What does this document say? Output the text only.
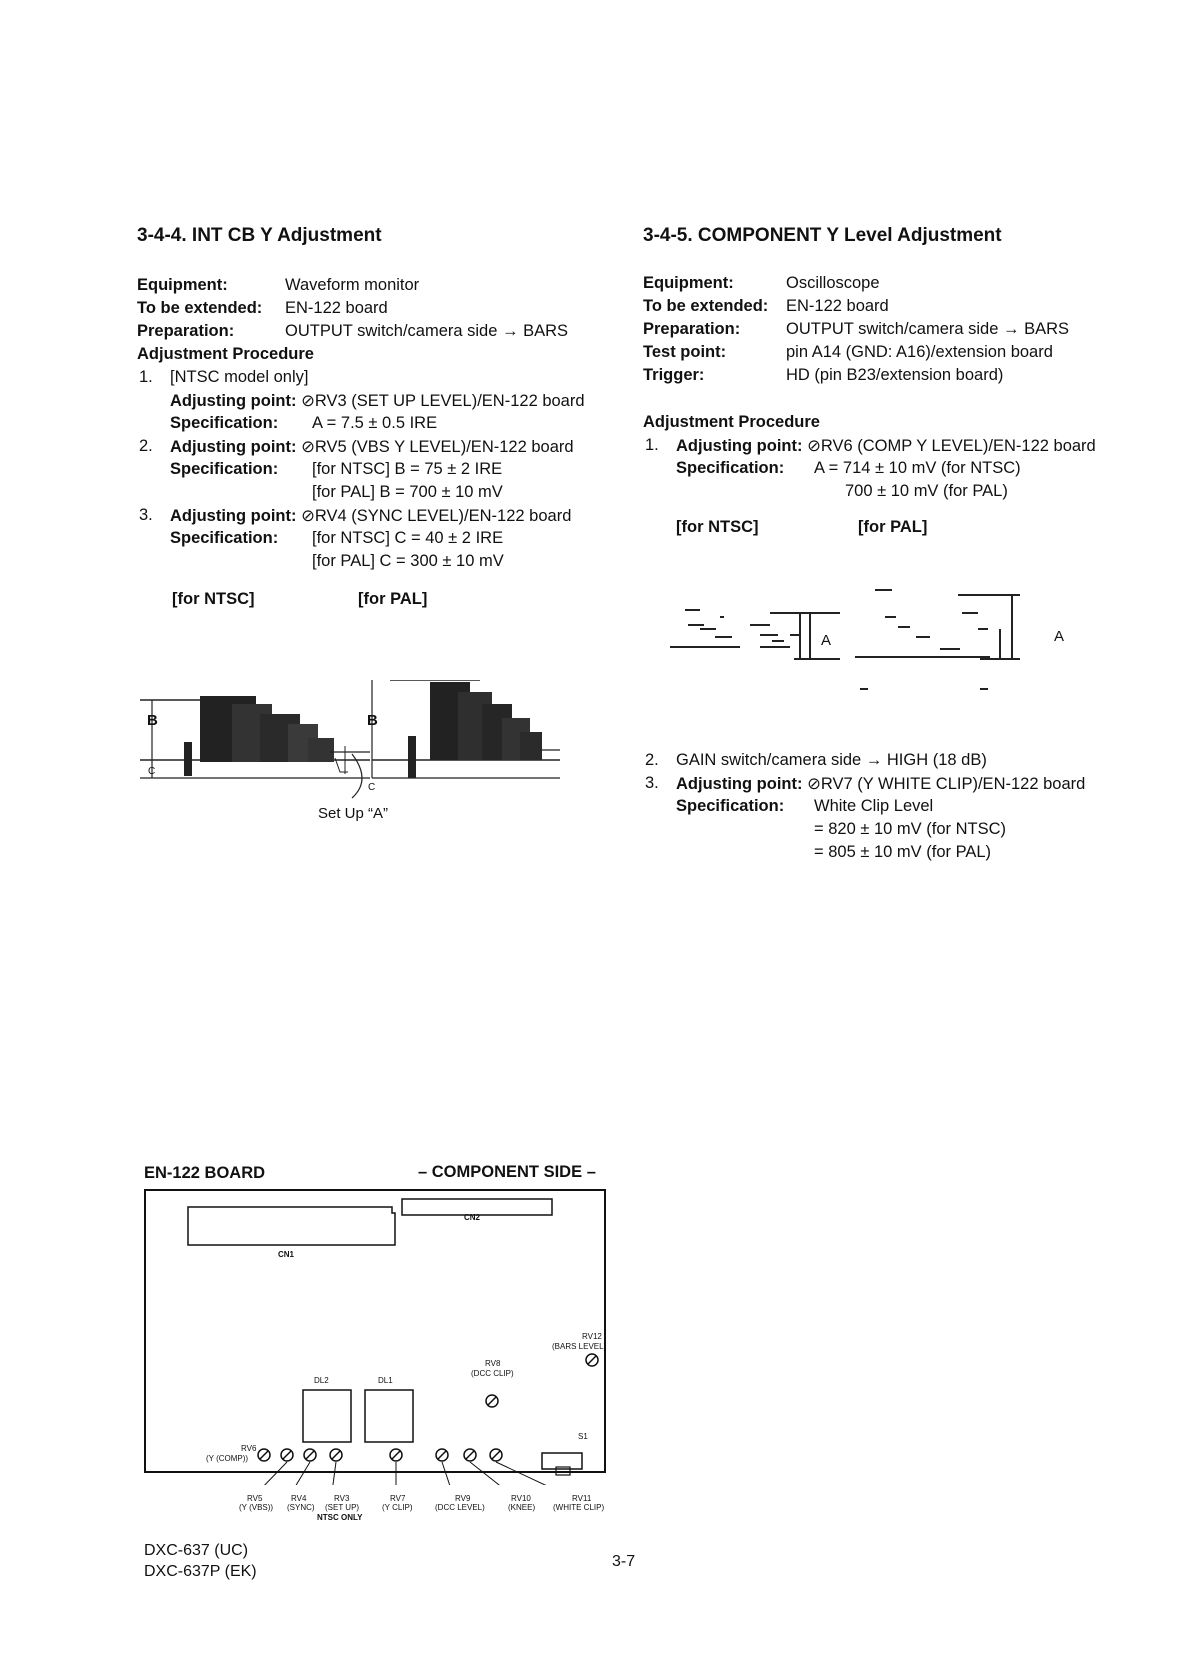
3-4-4. INT CB Y Adjustment
Equipment:	Waveform monitor
To be extended: EN-122 board
Preparation:	OUTPUT switch/camera side → BARS
Adjustment Procedure
1. [NTSC model only]
Adjusting point: ⊘RV3 (SET UP LEVEL)/EN-122 board
Specification: A = 7.5 ± 0.5 IRE
2. Adjusting point: ⊘RV5 (VBS Y LEVEL)/EN-122 board
Specification: [for NTSC] B = 75 ± 2 IRE
[for PAL] B = 700 ± 10 mV
3. Adjusting point: ⊘RV4 (SYNC LEVEL)/EN-122 board
Specification: [for NTSC] C = 40 ± 2 IRE
[for PAL] C = 300 ± 10 mV
[for NTSC]	[for PAL]
B	B
C
C
Set Up “A”
3-4-5. COMPONENT Y Level Adjustment
Equipment:	Oscilloscope
To be extended: EN-122 board
Preparation:	OUTPUT switch/camera side → BARS
Test point:	pin A14 (GND: A16)/extension board
Trigger:	HD (pin B23/extension board)
Adjustment Procedure
1. Adjusting point: ⊘RV6 (COMP Y LEVEL)/EN-122 board
Specification: A = 714 ± 10 mV (for NTSC)
700 ± 10 mV (for PAL)
[for NTSC]	[for PAL]
A	A
2. GAIN switch/camera side → HIGH (18 dB)
3. Adjusting point: ⊘RV7 (Y WHITE CLIP)/EN-122 board
Specification: White Clip Level
= 820 ± 10 mV (for NTSC)
= 805 ± 10 mV (for PAL)
EN-122 BOARD	– COMPONENT SIDE –
CN1
CN2
DL2	DL1
RV12
(BARS LEVEL)
RV8
(DCC CLIP)
S1
RV6
(Y (COMP))
RV5
(Y (VBS))
RV4
(SYNC)
RV3
(SET UP)
NTSC ONLY
RV7
(Y CLIP)
RV9
(DCC LEVEL)
RV10
(KNEE)
RV11
(WHITE CLIP)
DXC-637 (UC)
DXC-637P (EK)
3-7
